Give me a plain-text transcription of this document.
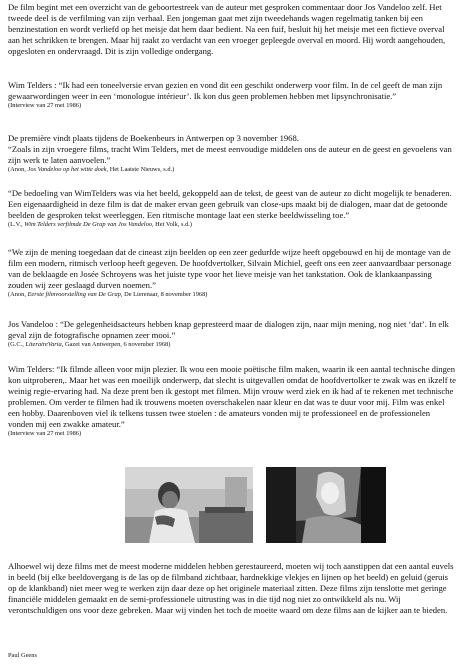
De film begint met een overzicht van de geboortestreek van de auteur met gesproken commentaar door Jos Vandeloo zelf. Het tweede deel is de verfilming van zijn verhaal. Een jongeman gaat met zijn tweedehands wagen regelmatig tanken bij een benzinestation en wordt verliefd op het meisje dat hem daar bedient. Na een fuif, besluit hij het meisje met een fictieve overval aan het schrikken te brengen. Maar hij raakt zo verdacht van een vroeger gepleegde overval en moord. Hij wordt aangehouden, opgesloten en ondervraagd. Dit is zijn volledige ondergang.

Wim Telders : “Ik had een toneelversie ervan gezien en vond dit een geschikt onderwerp voor film. In de cel geeft de man zijn gewaarwordingen weer in een ‘monologue intérieur’. Ik kon dus geen problemen hebben met lipsynchronisatie.”

(Interview van 27 mei 1986)

De première vindt plaats tijdens de Boekenbeurs in Antwerpen op 3 november 1968.
“Zoals in zijn vroegere films, tracht Wim Telders, met de meest eenvoudige middelen ons de auteur en de geest en gevoelens van zijn werk te laten aanvoelen.”

(Anon, Jos Vandeloo op het witte doek, Het Laatste Nieuws, s.d.)

“De bedoeling van WimTelders was via het beeld, gekoppeld aan de tekst, de geest van de auteur zo dicht mogelijk te benaderen. Een eigenaardigheid in deze film is dat de maker ervan geen gebruik van close-ups maakt bij de dialogen, maar dat de getoonde beelden de gesproken tekst weerleggen. Een ritmische montage laat een sterke beeldwisseling toe.”

(L.V., Wim Telders verfilmde De Grap van Jos Vandeloo, Het Volk, s.d.)

“We zijn de mening toegedaan dat de cineast zijn beelden op een zeer gedurfde wijze heeft opgebouwd en hij de montage van de film een modern, ritmisch verloop heeft gegeven. De hoofdvertolker, Silvain Michiel, geeft ons een zeer aanvaardbaar personage van de beklaagde en Josée Schroyens was het juiste type voor het lieve meisje van het tankstation. Ook de klankaanpassing zouden wij zeer geslaagd durven noemen.”

(Anon, Eerste filmvoorstelling van De Grap, De Lierenaar, 8 november 1968)

Jos Vandeloo : “De gelegenheidsacteurs hebben knap gepresteerd maar de dialogen zijn, naar mijn mening, nog niet ‘dat’. In elk geval zijn de fotografische opnamen zeer mooi.”

(G.C., LiteraireVaria, Gazet van Antwerpen, 6 november 1968)

Wim Telders: “Ik filmde alleen voor mijn plezier. Ik wou een mooie poëtische film maken, waarin ik een aantal technische dingen kon uitproberen,. Maar het was een moeilijk onderwerp, dat slecht is uitgevallen omdat de hoofdvertolker te zwak was en ikzelf te weinig regie-ervaring had. Na deze prent ben ik gestopt met filmen. Mijn vrouw werd ziek en ik had af te rekenen met technische problemen. Om verder te filmen had ik trouwens moeten overschakelen naar kleur en dat was te duur voor mij. Film was enkel een hobby. Daarenboven viel ik telkens tussen twee stoelen : de amateurs vonden mij te professioneel en de professionelen vonden mij een zwakke amateur.”

(Interview van 27 mei 1986)

Alhoewel wij deze films met de meest moderne middelen hebben gerestaureerd, moeten wij toch aanstippen dat een aantal euvels in beeld (bij elke beeldovergang is de las op de filmband zichtbaar, hardnekkige vlekjes en lijnen op het beeld) en geluid (geruis op de klankband) niet meer weg te werken zijn daar deze op het originele materiaal zitten. Deze films zijn tenslotte met geringe financiële middelen gemaakt en de semi-professionele uitrusting was in die tijd nog niet zo ontwikkeld als nu. Wij verontschuldigen ons voor deze gebreken. Maar wij vinden het toch de moeite waard om deze films aan de kijker aan te bieden.

Paul Geens
